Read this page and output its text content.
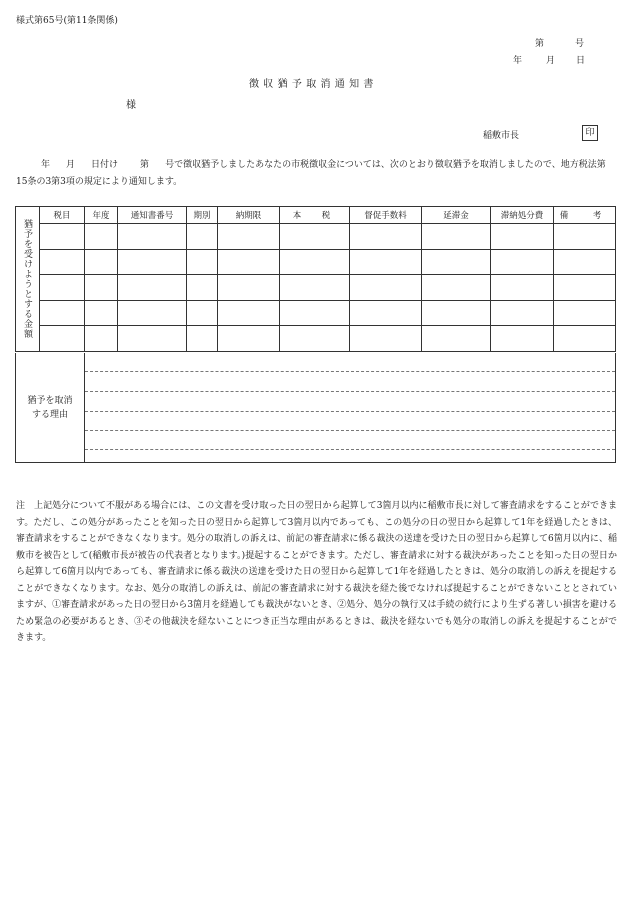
様式第65号(第11条関係)
第	号
年	月 日
徴収猶予取消通知書
様
稲敷市長	印
年 月 日付け 第 号で徴収猶予しましたあなたの市税徴収金については、次のとおり徴収猶予を取消しましたので、地方税法第15条の3第3項の規定により通知します。
猶予を受けようとする金額	税目	年度	通知書番号	期別	納期限	本　税	督促手数料	延滞金	滞納処分費	備　考

猶予を取消する理由
注　上記処分について不服がある場合には、この文書を受け取った日の翌日から起算して3箇月以内に稲敷市長に対して審査請求をすることができます。ただし、この処分があったことを知った日の翌日から起算して3箇月以内であっても、この処分の日の翌日から起算して1年を経過したときは、審査請求をすることができなくなります。処分の取消しの訴えは、前記の審査請求に係る裁決の送達を受けた日の翌日から起算して6箇月以内に、稲敷市を被告として(稲敷市長が被告の代表者となります。)提起することができます。ただし、審査請求に対する裁決があったことを知った日の翌日から起算して6箇月以内であっても、審査請求に係る裁決の送達を受けた日の翌日から起算して1年を経過したときは、処分の取消しの訴えを提起することができなくなります。なお、処分の取消しの訴えは、前記の審査請求に対する裁決を経た後でなければ提起することができないこととされていますが、①審査請求があった日の翌日から3箇月を経過しても裁決がないとき、②処分、処分の執行又は手続の続行により生ずる著しい損害を避けるため緊急の必要があるとき、③その他裁決を経ないことにつき正当な理由があるときは、裁決を経ないでも処分の取消しの訴えを提起することができます。
